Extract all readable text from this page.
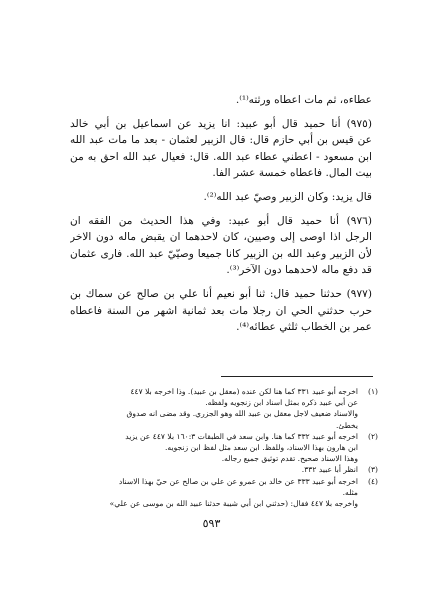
عطاءه، ثم مات اعطاه ورثته⁽¹⁾.
(٩٧٥) أنا حميد قال أبو عبيد: انا يزيد عن اسماعيل بن أبي خالد
عن قيس بن أبي حازم قال: قال الزبير لعثمان - بعد ما مات عبد الله
ابن مسعود - اعطني عطاء عبد الله. قال: فعيال عبد الله احق به من
بيت المال. فاعطاه خمسة عشر الفا.
قال يزيد: وكان الزبير وصيّ عبد الله⁽²⁾.
(٩٧٦) أنا حميد قال أبو عبيد: وفي هذا الحديث من الفقه ان
الرجل اذا اوصى إلى وصيين، كان لاحدهما ان يقبض ماله دون الاخر
لأن الزبير وعبد الله بن الزبير كانا جميعا وصيّيّ عبد الله. فارى عثمان
قد دفع ماله لاحدهما دون الآخر⁽³⁾.
(٩٧٧) حدثنا حميد قال: ثنا أبو نعيم أنا علي بن صالح عن سماك بن
حرب حدثني الحي ان رجلا مات بعد ثمانية اشهر من السنة فاعطاه
عمر بن الخطاب ثلثي عطائه⁽⁴⁾.
(١)
اخرجه أبو عبيد ٣٣١ كما هنا لكن عنده (معقل بن عبيد). وذا اخرجه بلا ٤٤٧
عن أبي عبيد ذكره بمثل اسناد ابن زنجويه ولفظه.
والاسناد ضعيف لاجل معقل بن عبيد الله وهو الجزري. وقد مضى انه صدوق
يخطئ.
(٢)
اخرجه أبو عبيد ٣٣٢ كما هنا. وابن سعد في الطبقات ١٦٠:٣ بلا ٤٤٧ عن يزيد
ابن هارون بهذا الاسناد، وللفظ. ابن سعد مثل لفظ ابن زنجويه.
وهذا الاسناد صحيح. تقدم توثيق جميع رجاله.
(٣)
انظر أبا عبيد ٣٣٢.
(٤)
اخرجه أبو عبيد ٣٣٣ عن خالد بن عمرو عن علي بن صالح عن حيّ بهذا الاسناد
مثله.
واخرجه بلا ٤٤٧ فقال: (حدثني ابن أبي شيبة حدثنا عبيد الله بن موسى عن علي»
٥٩٣
